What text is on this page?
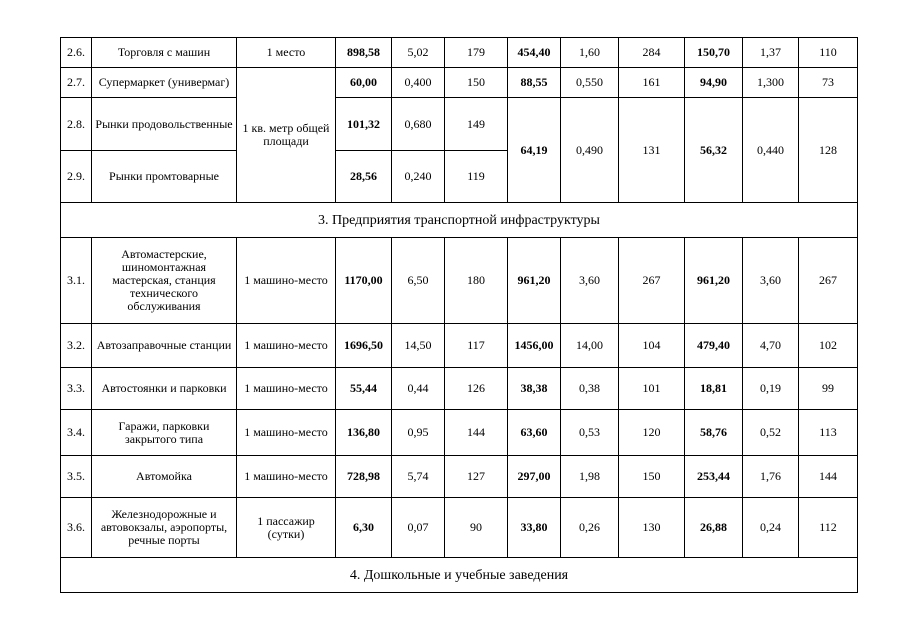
2.6.	Торговля с машин	1 место	898,58	5,02	179	454,40	1,60	284	150,70	1,37	110
2.7.	Супермаркет (универмаг)	1 кв. метр общей площади	60,00	0,400	150	88,55	0,550	161	94,90	1,300	73
2.8.	Рынки продовольственные		101,32	0,680	149	64,19	0,490	131	56,32	0,440	128
2.9.	Рынки промтоварные		28,56	0,240	119						
3. Предприятия транспортной инфраструктуры											
3.1.	Автомастерские, шиномонтажная мастерская, станция технического обслуживания	1 машино-место	1170,00	6,50	180	961,20	3,60	267	961,20	3,60	267
3.2.	Автозаправочные станции	1 машино-место	1696,50	14,50	117	1456,00	14,00	104	479,40	4,70	102
3.3.	Автостоянки и парковки	1 машино-место	55,44	0,44	126	38,38	0,38	101	18,81	0,19	99
3.4.	Гаражи, парковки закрытого типа	1 машино-место	136,80	0,95	144	63,60	0,53	120	58,76	0,52	113
3.5.	Автомойка	1 машино-место	728,98	5,74	127	297,00	1,98	150	253,44	1,76	144
3.6.	Железнодорожные и автовокзалы, аэропорты, речные порты	1 пассажир (сутки)	6,30	0,07	90	33,80	0,26	130	26,88	0,24	112
4. Дошкольные и учебные заведения											
